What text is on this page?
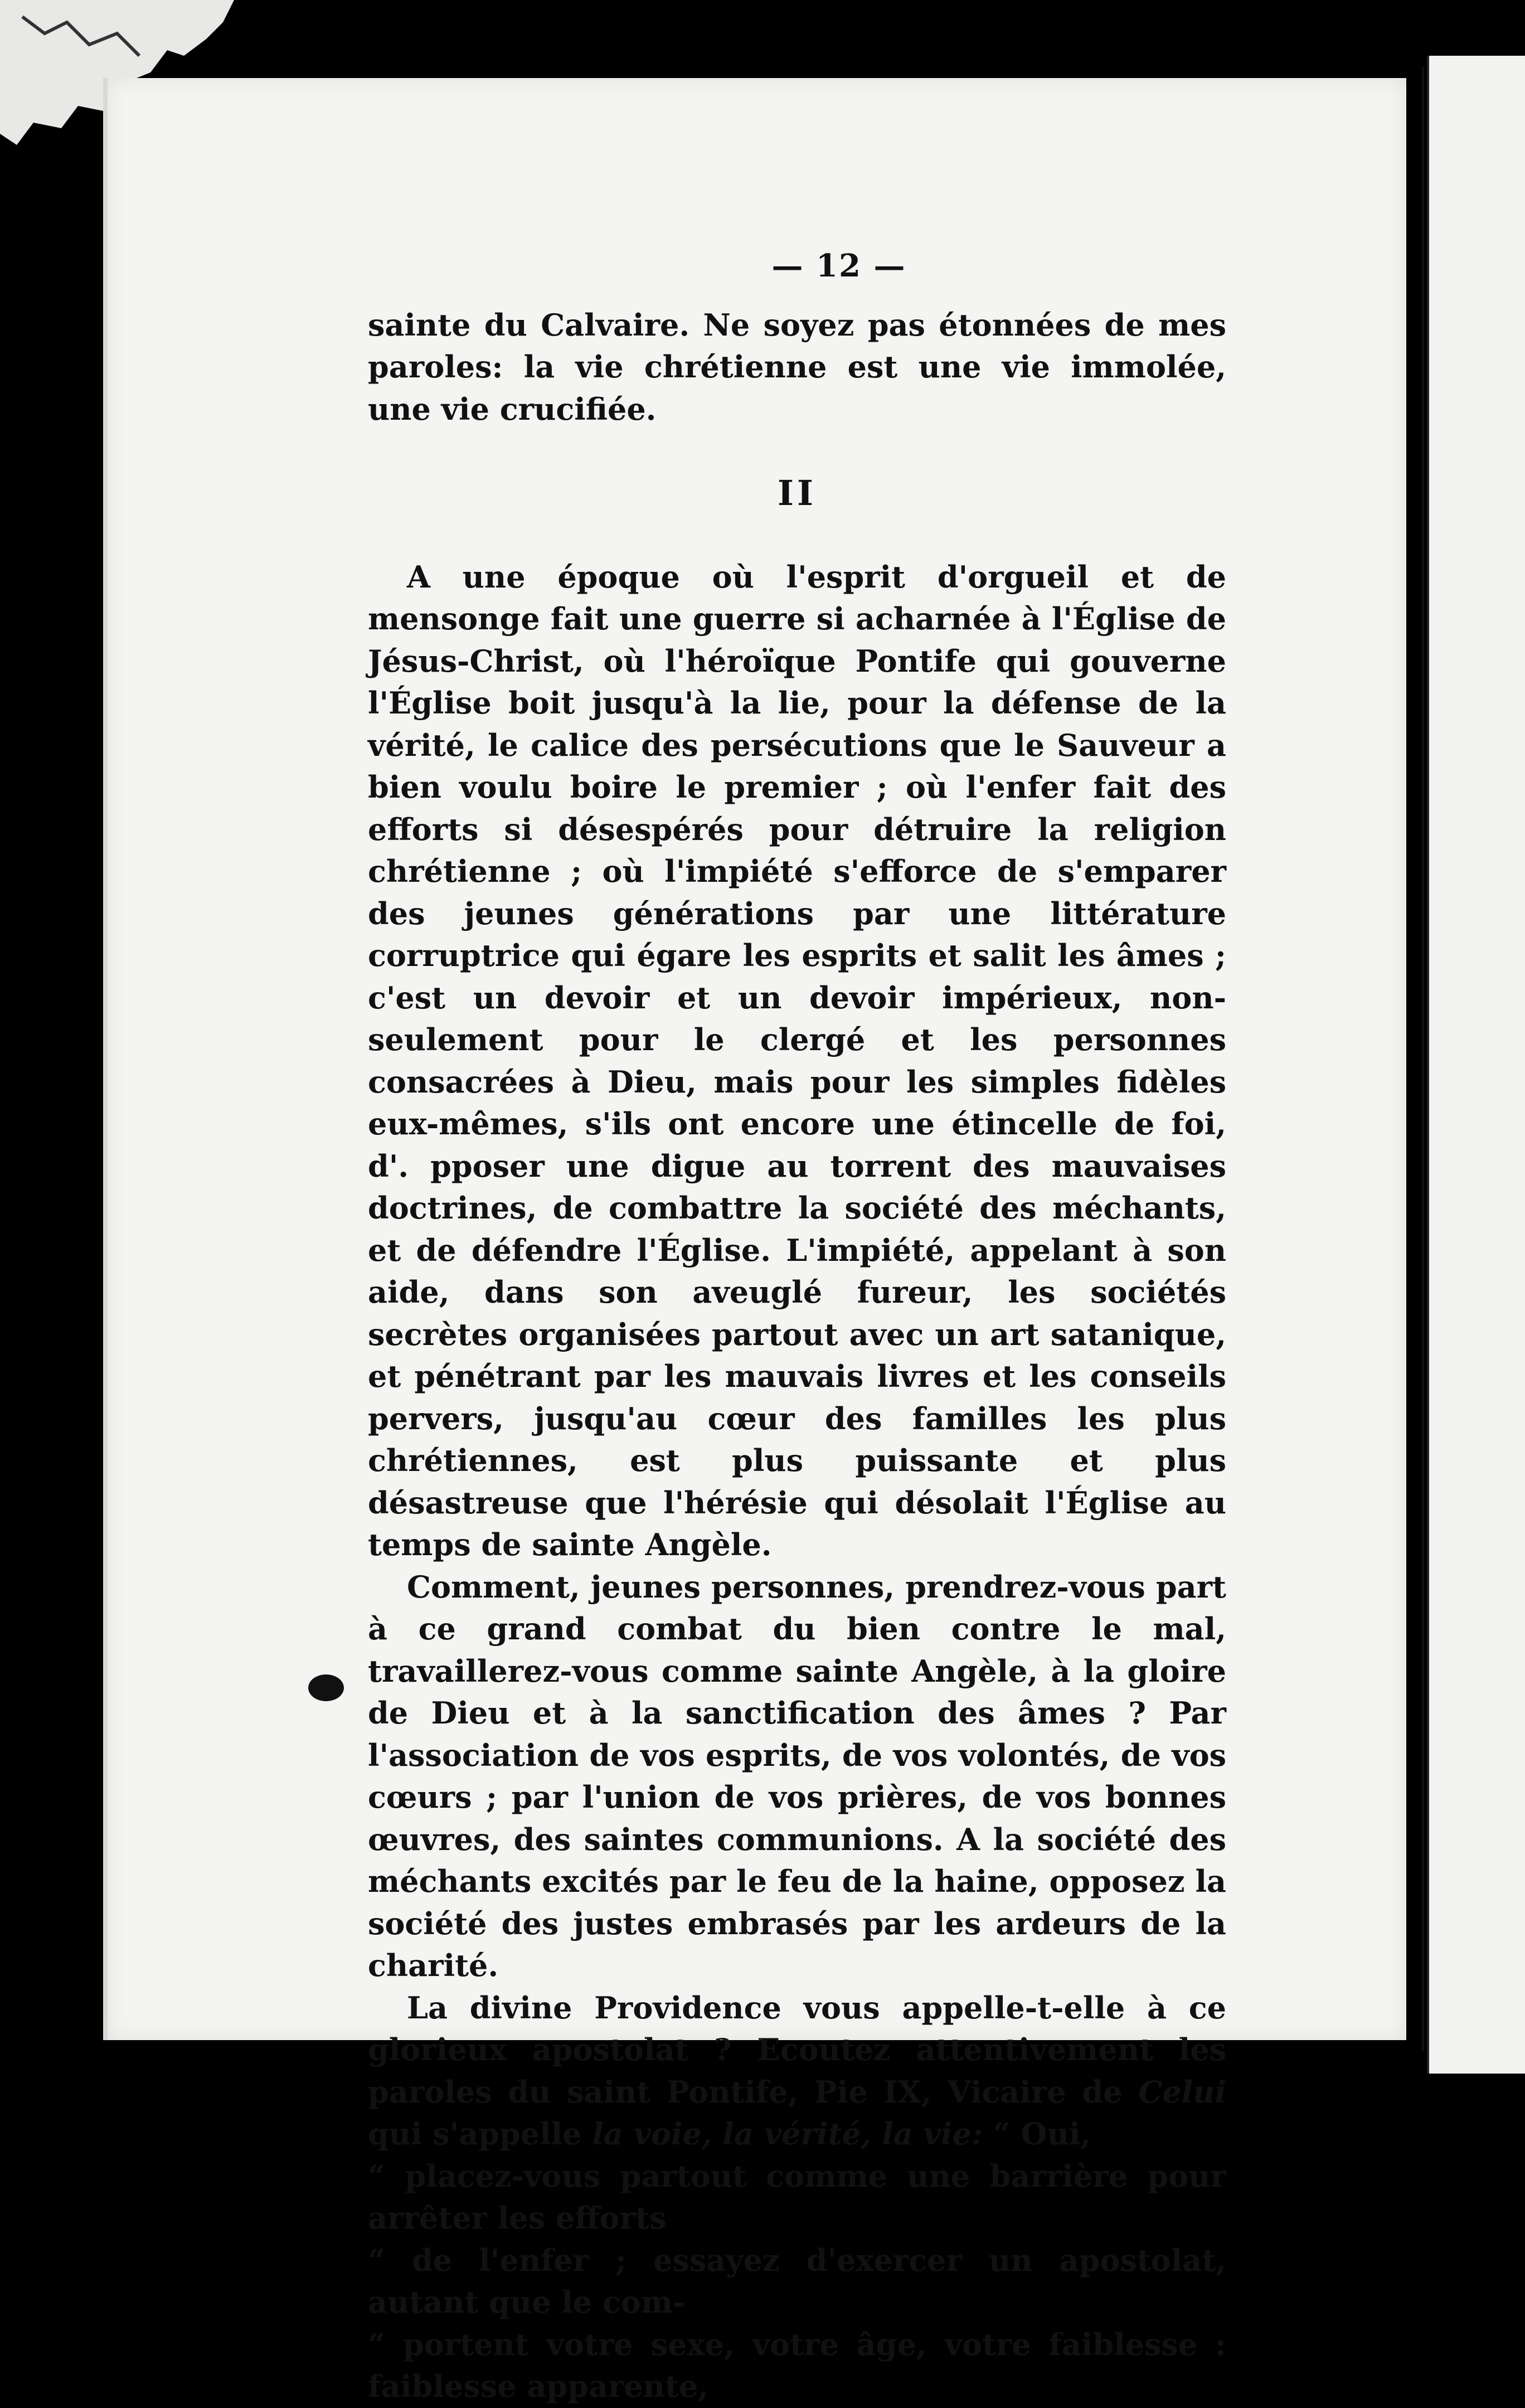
— 12 —

sainte du Calvaire. Ne soyez pas étonnées de mes paroles: la vie chrétienne est une vie immolée, une vie crucifiée.

II

A une époque où l'esprit d'orgueil et de mensonge fait une guerre si acharnée à l'Église de Jésus-Christ, où l'héroïque Pontife qui gouverne l'Église boit jusqu'à la lie, pour la défense de la vérité, le calice des persécutions que le Sauveur a bien voulu boire le premier ; où l'enfer fait des efforts si désespérés pour détruire la religion chrétienne ; où l'impiété s'efforce de s'emparer des jeunes générations par une littérature corruptrice qui égare les esprits et salit les âmes ; c'est un devoir et un devoir impérieux, non-seulement pour le clergé et les personnes consacrées à Dieu, mais pour les simples fidèles eux-mêmes, s'ils ont encore une étincelle de foi, d'. pposer une digue au torrent des mauvaises doctrines, de combattre la société des méchants, et de défendre l'Église. L'impiété, appelant à son aide, dans son aveuglé fureur, les sociétés secrètes organisées partout avec un art satanique, et pénétrant par les mauvais livres et les conseils pervers, jusqu'au cœur des familles les plus chrétiennes, est plus puissante et plus désastreuse que l'hérésie qui désolait l'Église au temps de sainte Angèle.

Comment, jeunes personnes, prendrez-vous part à ce grand combat du bien contre le mal, travaillerez-vous comme sainte Angèle, à la gloire de Dieu et à la sanctification des âmes ? Par l'association de vos esprits, de vos volontés, de vos cœurs ; par l'union de vos prières, de vos bonnes œuvres, des saintes communions. A la société des méchants excités par le feu de la haine, opposez la société des justes embrasés par les ardeurs de la charité.

La divine Providence vous appelle-t-elle à ce glorieux apostolat ? Ecoutez attentivement les paroles du saint Pontife, Pie IX, Vicaire de Celui qui s'appelle la voie, la vérité, la vie: “ Oui,

“ placez-vous partout comme une barrière pour arrêter les efforts

“ de l'enfer ; essayez d'exercer un apostolat, autant que le com-

“ portent votre sexe, votre âge, votre faiblesse : faiblesse apparente,
